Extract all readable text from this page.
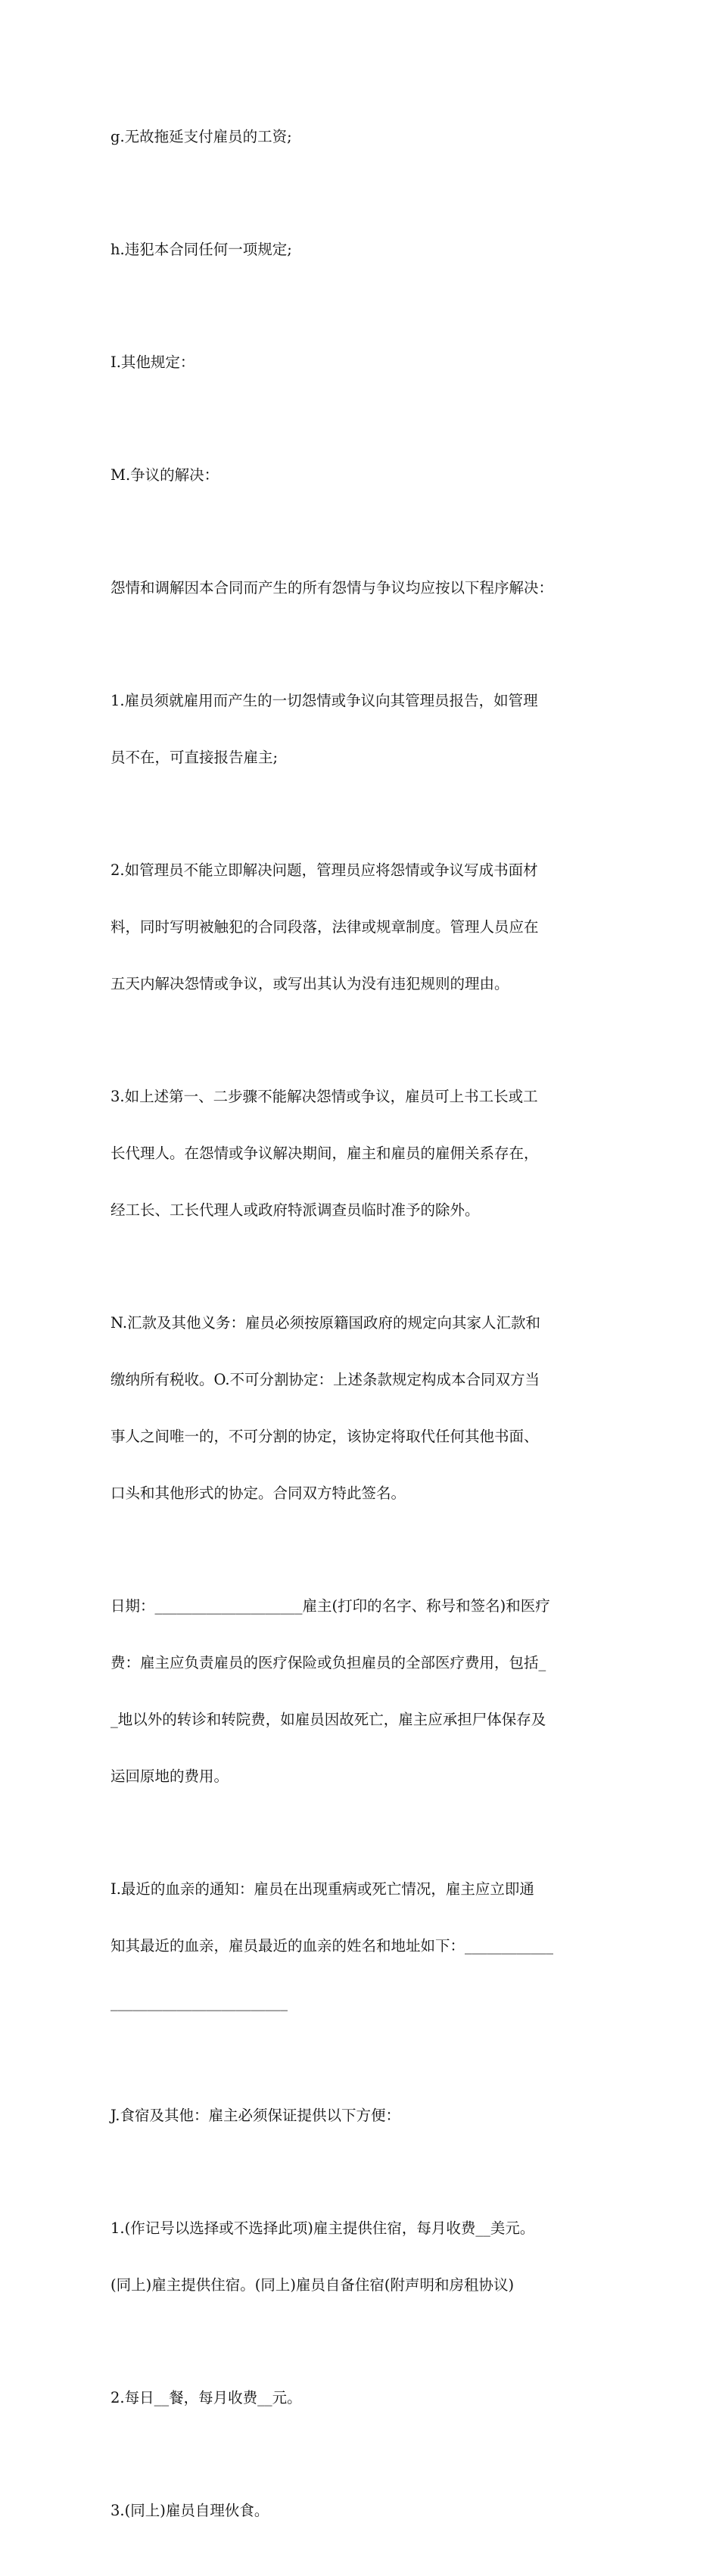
g.无故拖延支付雇员的工资;

h.违犯本合同任何一项规定;

I.其他规定：

M.争议的解决：

怨情和调解因本合同而产生的所有怨情与争议均应按以下程序解决：

1.雇员须就雇用而产生的一切怨情或争议向其管理员报告，如管理

员不在，可直接报告雇主;

2.如管理员不能立即解决问题，管理员应将怨情或争议写成书面材

料，同时写明被触犯的合同段落，法律或规章制度。管理人员应在

五天内解决怨情或争议，或写出其认为没有违犯规则的理由。

3.如上述第一、二步骤不能解决怨情或争议，雇员可上书工长或工

长代理人。在怨情或争议解决期间，雇主和雇员的雇佣关系存在，

经工长、工长代理人或政府特派调查员临时准予的除外。

N.汇款及其他义务：雇员必须按原籍国政府的规定向其家人汇款和

缴纳所有税收。O.不可分割协定：上述条款规定构成本合同双方当

事人之间唯一的，不可分割的协定，该协定将取代任何其他书面、

口头和其他形式的协定。合同双方特此签名。

日期：____________________雇主(打印的名字、称号和签名)和医疗

费：雇主应负责雇员的医疗保险或负担雇员的全部医疗费用，包括_

_地以外的转诊和转院费，如雇员因故死亡，雇主应承担尸体保存及

运回原地的费用。

I.最近的血亲的通知：雇员在出现重病或死亡情况，雇主应立即通

知其最近的血亲，雇员最近的血亲的姓名和地址如下：____________

________________________

J.食宿及其他：雇主必须保证提供以下方便：

1.(作记号以选择或不选择此项)雇主提供住宿，每月收费__美元。

(同上)雇主提供住宿。(同上)雇员自备住宿(附声明和房租协议)

2.每日__餐，每月收费__元。

3.(同上)雇员自理伙食。
